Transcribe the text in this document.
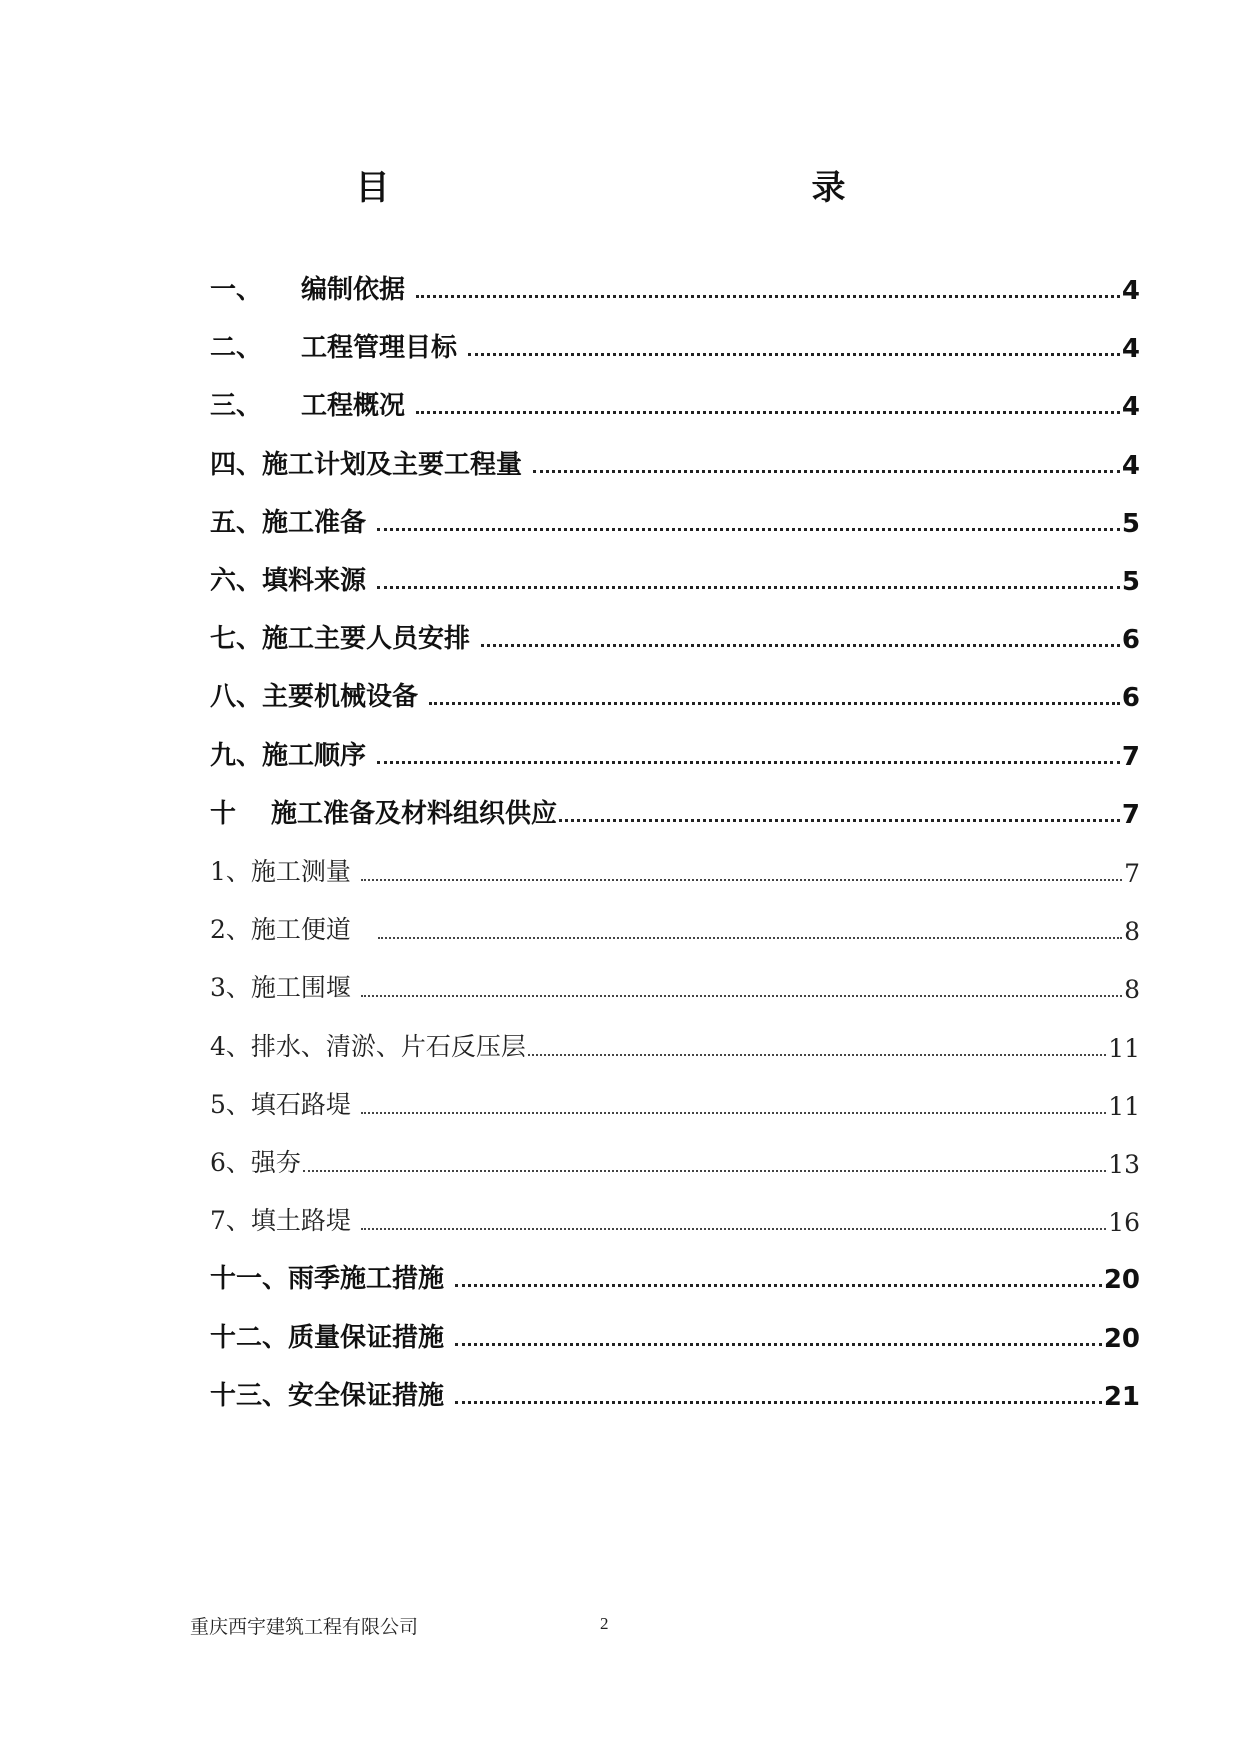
目　　　录
一、　　编制依据	4
二、　　工程管理目标	4
三、　　工程概况	4
四、施工计划及主要工程量	4
五、施工准备	5
六、填料来源	5
七、施工主要人员安排	6
八、主要机械设备	6
九、施工顺序	7
十　 施工准备及材料组织供应	7
1、施工测量	7
2、施工便道　	8
3、施工围堰	8
4、排水、清淤、片石反压层	11
5、填石路堤	11
6、强夯	13
7、填土路堤	16
十一、雨季施工措施	20
十二、质量保证措施	20
十三、安全保证措施	21
重庆西宇建筑工程有限公司	2
